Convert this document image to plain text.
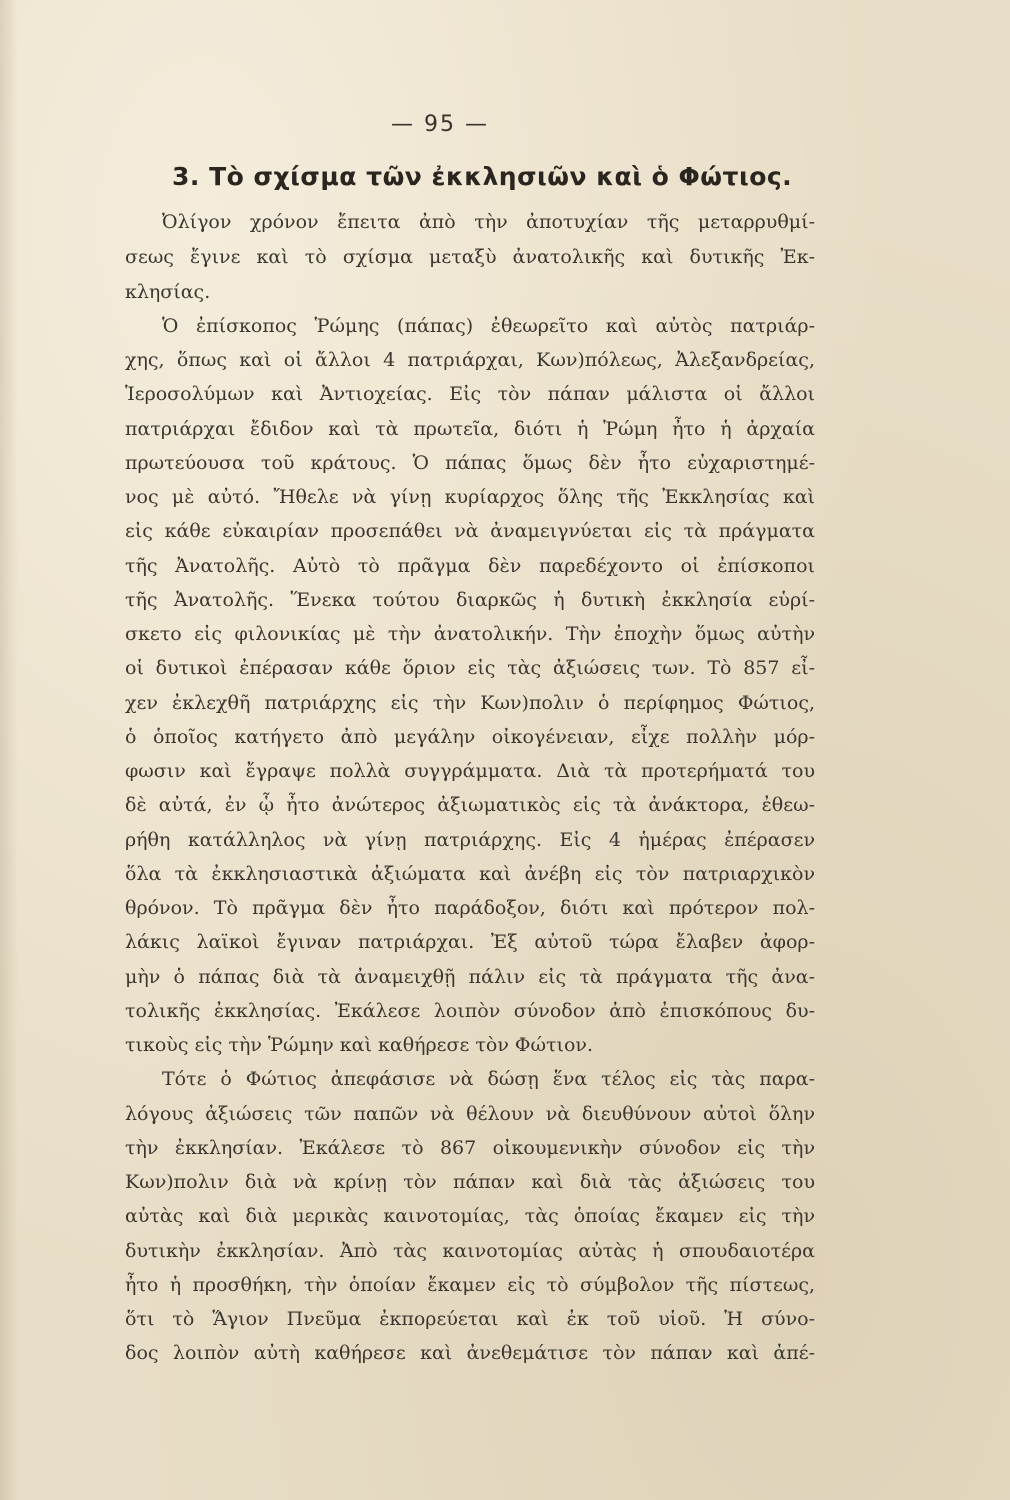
— 95 —
3. Τὸ σχίσμα τῶν ἐκκλησιῶν καὶ ὁ Φώτιος.
Ὀλίγον χρόνον ἔπειτα ἀπὸ τὴν ἀποτυχίαν τῆς μεταρρυθμί-
σεως ἔγινε καὶ τὸ σχίσμα μεταξὺ ἀνατολικῆς καὶ δυτικῆς Ἐκ-
κλησίας.
Ὁ ἐπίσκοπος Ῥώμης (πάπας) ἐθεωρεῖτο καὶ αὐτὸς πατριάρ-
χης, ὅπως καὶ οἱ ἄλλοι 4 πατριάρχαι, Κων)πόλεως, Ἀλεξανδρείας,
Ἱεροσολύμων καὶ Ἀντιοχείας. Εἰς τὸν πάπαν μάλιστα οἱ ἄλλοι
πατριάρχαι ἔδιδον καὶ τὰ πρωτεῖα, διότι ἡ Ῥώμη ἦτο ἡ ἀρχαία
πρωτεύουσα τοῦ κράτους. Ὁ πάπας ὅμως δὲν ἦτο εὐχαριστημέ-
νος μὲ αὐτό. Ἤθελε νὰ γίνῃ κυρίαρχος ὅλης τῆς Ἐκκλησίας καὶ
εἰς κάθε εὐκαιρίαν προσεπάθει νὰ ἀναμειγνύεται εἰς τὰ πράγματα
τῆς Ἀνατολῆς. Αὐτὸ τὸ πρᾶγμα δὲν παρεδέχοντο οἱ ἐπίσκοποι
τῆς Ἀνατολῆς. Ἕνεκα τούτου διαρκῶς ἡ δυτικὴ ἐκκλησία εὑρί-
σκετο εἰς φιλονικίας μὲ τὴν ἀνατολικήν. Τὴν ἐποχὴν ὅμως αὐτὴν
οἱ δυτικοὶ ἐπέρασαν κάθε ὅριον εἰς τὰς ἀξιώσεις των. Τὸ 857 εἶ-
χεν ἐκλεχθῆ πατριάρχης εἰς τὴν Κων)πολιν ὁ περίφημος Φώτιος,
ὁ ὁποῖος κατήγετο ἀπὸ μεγάλην οἰκογένειαν, εἶχε πολλὴν μόρ-
φωσιν καὶ ἔγραψε πολλὰ συγγράμματα. Διὰ τὰ προτερήματά του
δὲ αὐτά, ἐν ᾧ ἦτο ἀνώτερος ἀξιωματικὸς εἰς τὰ ἀνάκτορα, ἐθεω-
ρήθη κατάλληλος νὰ γίνῃ πατριάρχης. Εἰς 4 ἡμέρας ἐπέρασεν
ὅλα τὰ ἐκκλησιαστικὰ ἀξιώματα καὶ ἀνέβη εἰς τὸν πατριαρχικὸν
θρόνον. Τὸ πρᾶγμα δὲν ἦτο παράδοξον, διότι καὶ πρότερον πολ-
λάκις λαϊκοὶ ἔγιναν πατριάρχαι. Ἐξ αὐτοῦ τώρα ἔλαβεν ἀφορ-
μὴν ὁ πάπας διὰ τὰ ἀναμειχθῇ πάλιν εἰς τὰ πράγματα τῆς ἀνα-
τολικῆς ἐκκλησίας. Ἐκάλεσε λοιπὸν σύνοδον ἀπὸ ἐπισκόπους δυ-
τικοὺς εἰς τὴν Ῥώμην καὶ καθήρεσε τὸν Φώτιον.
Τότε ὁ Φώτιος ἀπεφάσισε νὰ δώσῃ ἕνα τέλος εἰς τὰς παρα-
λόγους ἀξιώσεις τῶν παπῶν νὰ θέλουν νὰ διευθύνουν αὐτοὶ ὅλην
τὴν ἐκκλησίαν. Ἐκάλεσε τὸ 867 οἰκουμενικὴν σύνοδον εἰς τὴν
Κων)πολιν διὰ νὰ κρίνῃ τὸν πάπαν καὶ διὰ τὰς ἀξιώσεις του
αὐτὰς καὶ διὰ μερικὰς καινοτομίας, τὰς ὁποίας ἔκαμεν εἰς τὴν
δυτικὴν ἐκκλησίαν. Ἀπὸ τὰς καινοτομίας αὐτὰς ἡ σπουδαιοτέρα
ἦτο ἡ προσθήκη, τὴν ὁποίαν ἔκαμεν εἰς τὸ σύμβολον τῆς πίστεως,
ὅτι τὸ Ἅγιον Πνεῦμα ἐκπορεύεται καὶ ἐκ τοῦ υἱοῦ. Ἡ σύνο-
δος λοιπὸν αὐτὴ καθήρεσε καὶ ἀνεθεμάτισε τὸν πάπαν καὶ ἀπέ-
